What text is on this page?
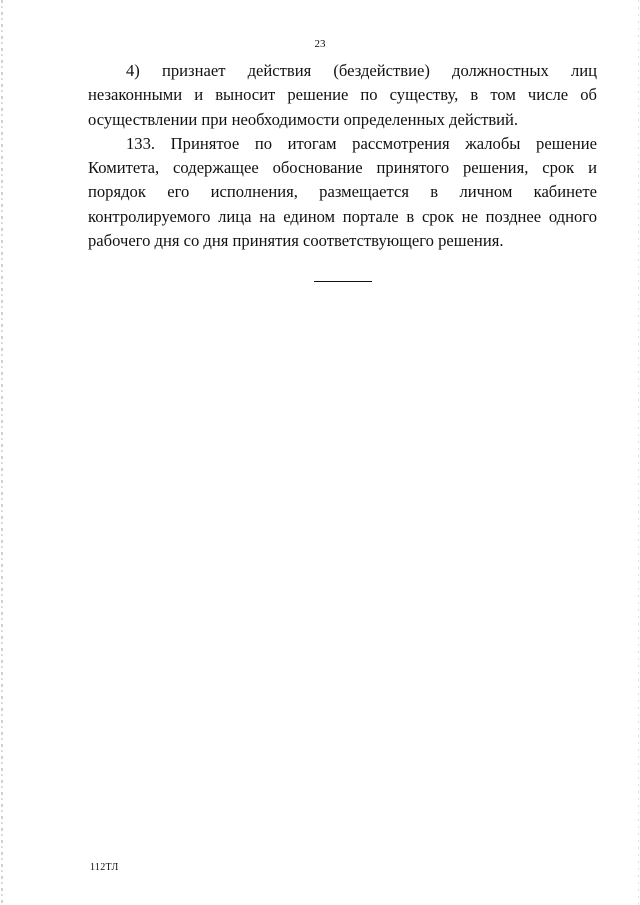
23

4) признает действия (бездействие) должностных лиц незаконными и выносит решение по существу, в том числе об осуществлении при необходимости определенных действий.

133. Принятое по итогам рассмотрения жалобы решение Комитета, содержащее обоснование принятого решения, срок и порядок его исполнения, размещается в личном кабинете контролируемого лица на едином портале в срок не позднее одного рабочего дня со дня принятия соответствующего решения.

112ТЛ
